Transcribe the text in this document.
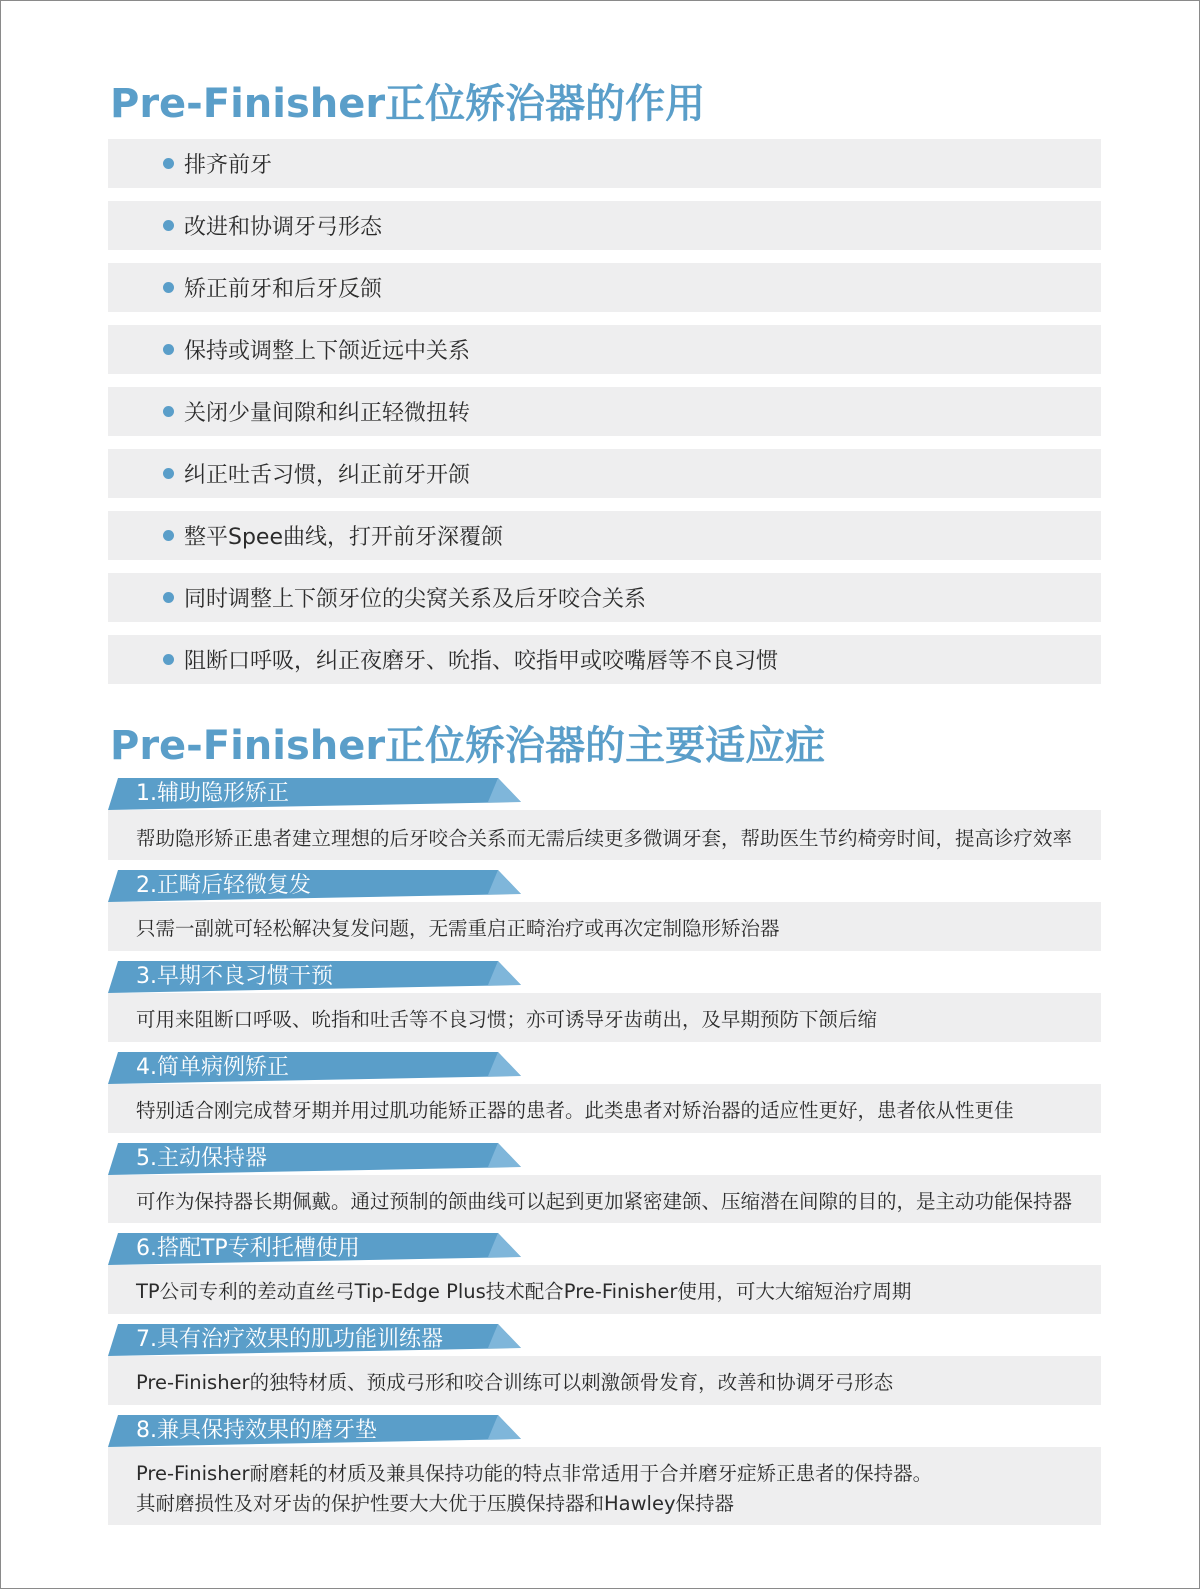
Pre-Finisher正位矫治器的作用
排齐前牙
改进和协调牙弓形态
矫正前牙和后牙反颌
保持或调整上下颌近远中关系
关闭少量间隙和纠正轻微扭转
纠正吐舌习惯，纠正前牙开颌
整平Spee曲线，打开前牙深覆颌
同时调整上下颌牙位的尖窝关系及后牙咬合关系
阻断口呼吸，纠正夜磨牙、吮指、咬指甲或咬嘴唇等不良习惯
Pre-Finisher正位矫治器的主要适应症
1.辅助隐形矫正
帮助隐形矫正患者建立理想的后牙咬合关系而无需后续更多微调牙套，帮助医生节约椅旁时间，提高诊疗效率
2.正畸后轻微复发
只需一副就可轻松解决复发问题，无需重启正畸治疗或再次定制隐形矫治器
3.早期不良习惯干预
可用来阻断口呼吸、吮指和吐舌等不良习惯；亦可诱导牙齿萌出，及早期预防下颌后缩
4.简单病例矫正
特别适合刚完成替牙期并用过肌功能矫正器的患者。此类患者对矫治器的适应性更好，患者依从性更佳
5.主动保持器
可作为保持器长期佩戴。通过预制的颌曲线可以起到更加紧密建颌、压缩潜在间隙的目的，是主动功能保持器
6.搭配TP专利托槽使用
TP公司专利的差动直丝弓Tip-Edge Plus技术配合Pre-Finisher使用，可大大缩短治疗周期
7.具有治疗效果的肌功能训练器
Pre-Finisher的独特材质、预成弓形和咬合训练可以刺激颌骨发育，改善和协调牙弓形态
8.兼具保持效果的磨牙垫
Pre-Finisher耐磨耗的材质及兼具保持功能的特点非常适用于合并磨牙症矫正患者的保持器。
其耐磨损性及对牙齿的保护性要大大优于压膜保持器和Hawley保持器
